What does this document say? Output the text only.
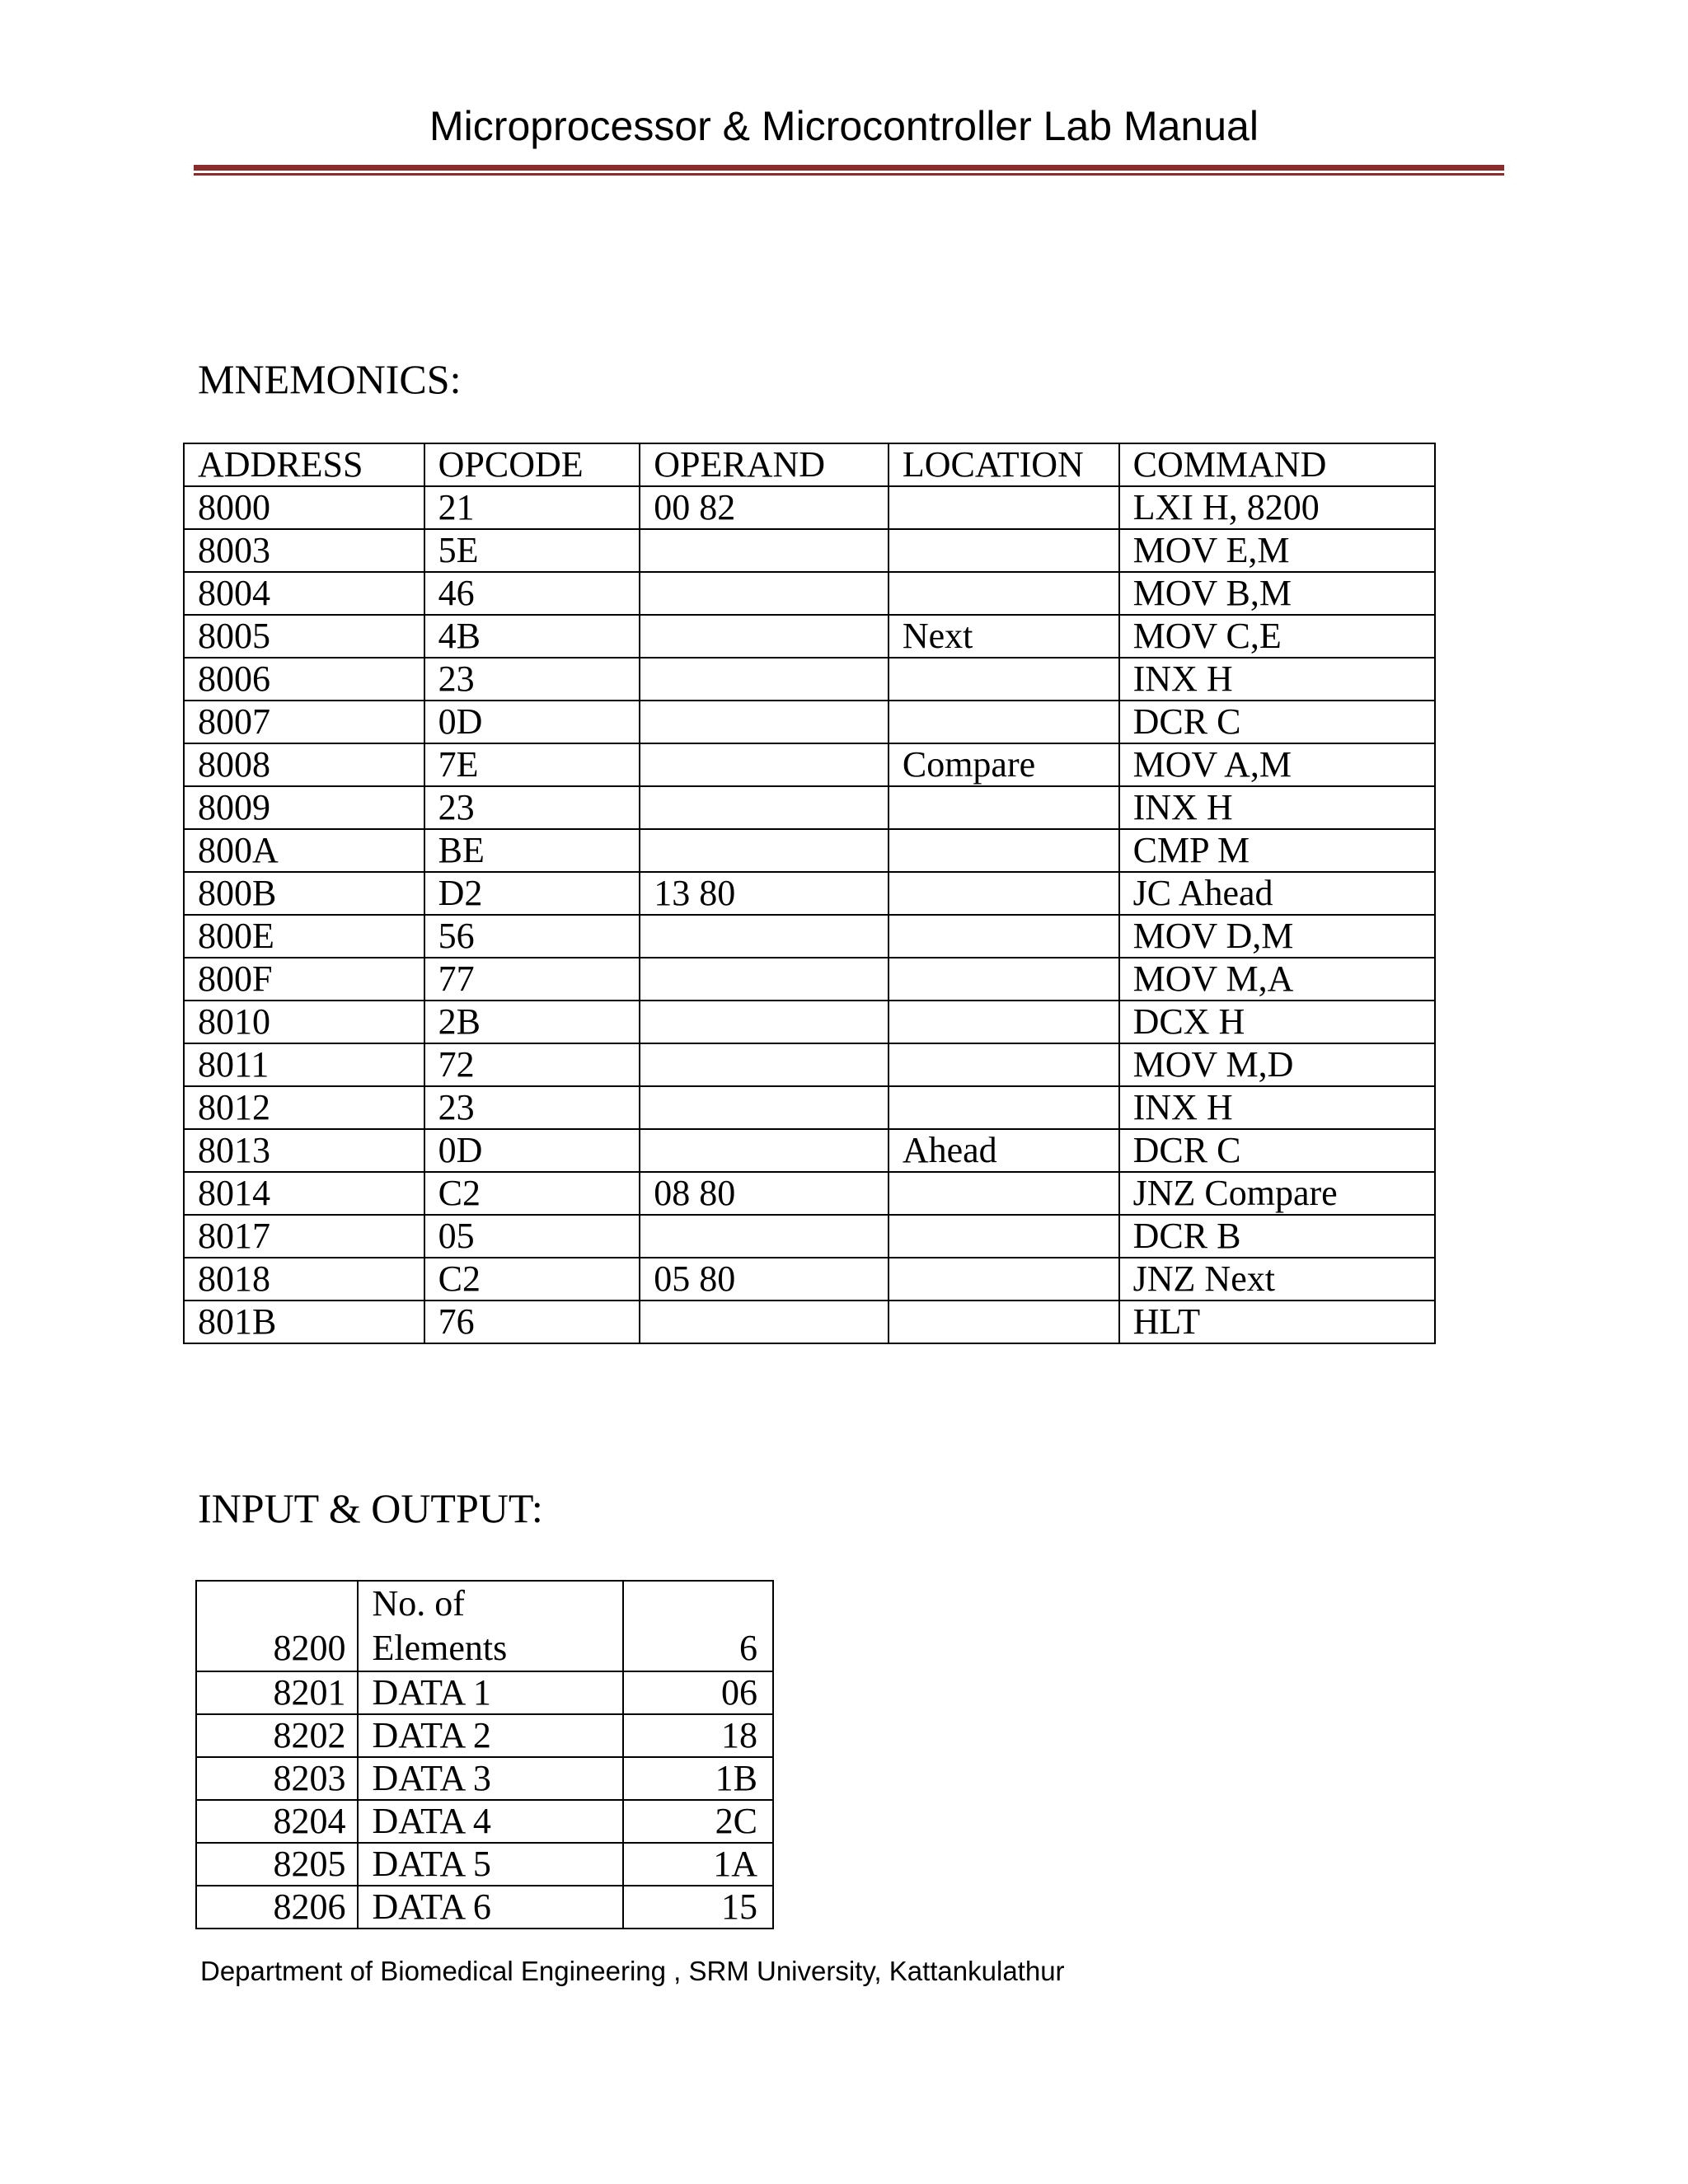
Microprocessor & Microcontroller Lab Manual
MNEMONICS:
ADDRESS	OPCODE	OPERAND	LOCATION	COMMAND
8000	21	00 82		LXI H, 8200
8003	5E			MOV E,M
8004	46			MOV B,M
8005	4B		Next	MOV C,E
8006	23			INX H
8007	0D			DCR C
8008	7E		Compare	MOV A,M
8009	23			INX H
800A	BE			CMP M
800B	D2	13 80		JC Ahead
800E	56			MOV D,M
800F	77			MOV M,A
8010	2B			DCX H
8011	72			MOV M,D
8012	23			INX H
8013	0D		Ahead	DCR C
8014	C2	08 80		JNZ Compare
8017	05			DCR B
8018	C2	05 80		JNZ Next
801B	76			HLT
INPUT & OUTPUT:
8200	No. of Elements	6
8201	DATA 1	06
8202	DATA 2	18
8203	DATA 3	1B
8204	DATA 4	2C
8205	DATA 5	1A
8206	DATA 6	15
Department of Biomedical Engineering , SRM University, Kattankulathur
